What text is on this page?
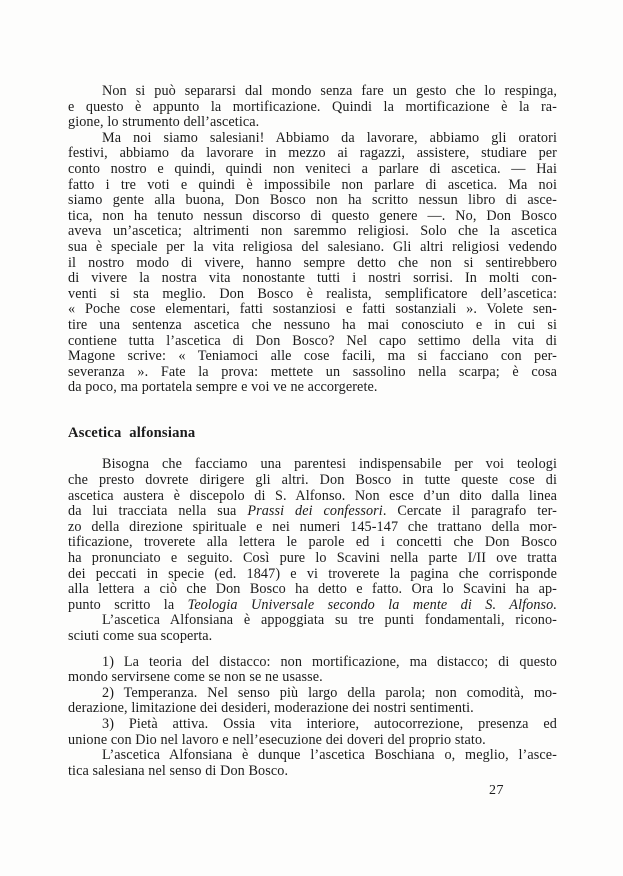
Non si può separarsi dal mondo senza fare un gesto che lo respinga,
e questo è appunto la mortificazione. Quindi la mortificazione è la ra-
gione, lo strumento dell’ascetica.
Ma noi siamo salesiani! Abbiamo da lavorare, abbiamo gli oratori
festivi, abbiamo da lavorare in mezzo ai ragazzi, assistere, studiare per
conto nostro e quindi, quindi non veniteci a parlare di ascetica. — Hai
fatto i tre voti e quindi è impossibile non parlare di ascetica. Ma noi
siamo gente alla buona, Don Bosco non ha scritto nessun libro di asce-
tica, non ha tenuto nessun discorso di questo genere —. No, Don Bosco
aveva un’ascetica; altrimenti non saremmo religiosi. Solo che la ascetica
sua è speciale per la vita religiosa del salesiano. Gli altri religiosi vedendo
il nostro modo di vivere, hanno sempre detto che non si sentirebbero
di vivere la nostra vita nonostante tutti i nostri sorrisi. In molti con-
venti si sta meglio. Don Bosco è realista, semplificatore dell’ascetica:
« Poche cose elementari, fatti sostanziosi e fatti sostanziali ». Volete sen-
tire una sentenza ascetica che nessuno ha mai conosciuto e in cui si
contiene tutta l’ascetica di Don Bosco? Nel capo settimo della vita di
Magone scrive: « Teniamoci alle cose facili, ma si facciano con per-
severanza ». Fate la prova: mettete un sassolino nella scarpa; è cosa
da poco, ma portatela sempre e voi ve ne accorgerete.
Ascetica alfonsiana
Bisogna che facciamo una parentesi indispensabile per voi teologi
che presto dovrete dirigere gli altri. Don Bosco in tutte queste cose di
ascetica austera è discepolo di S. Alfonso. Non esce d’un dito dalla linea
da lui tracciata nella sua Prassi dei confessori. Cercate il paragrafo ter-
zo della direzione spirituale e nei numeri 145-147 che trattano della mor-
tificazione, troverete alla lettera le parole ed i concetti che Don Bosco
ha pronunciato e seguito. Così pure lo Scavini nella parte I/II ove tratta
dei peccati in specie (ed. 1847) e vi troverete la pagina che corrisponde
alla lettera a ciò che Don Bosco ha detto e fatto. Ora lo Scavini ha ap-
punto scritto la Teologia Universale secondo la mente di S. Alfonso.
L’ascetica Alfonsiana è appoggiata su tre punti fondamentali, ricono-
sciuti come sua scoperta.
1) La teoria del distacco: non mortificazione, ma distacco; di questo
mondo servirsene come se non se ne usasse.
2) Temperanza. Nel senso più largo della parola; non comodità, mo-
derazione, limitazione dei desideri, moderazione dei nostri sentimenti.
3) Pietà attiva. Ossia vita interiore, autocorrezione, presenza ed
unione con Dio nel lavoro e nell’esecuzione dei doveri del proprio stato.
L’ascetica Alfonsiana è dunque l’ascetica Boschiana o, meglio, l’asce-
tica salesiana nel senso di Don Bosco.
27
